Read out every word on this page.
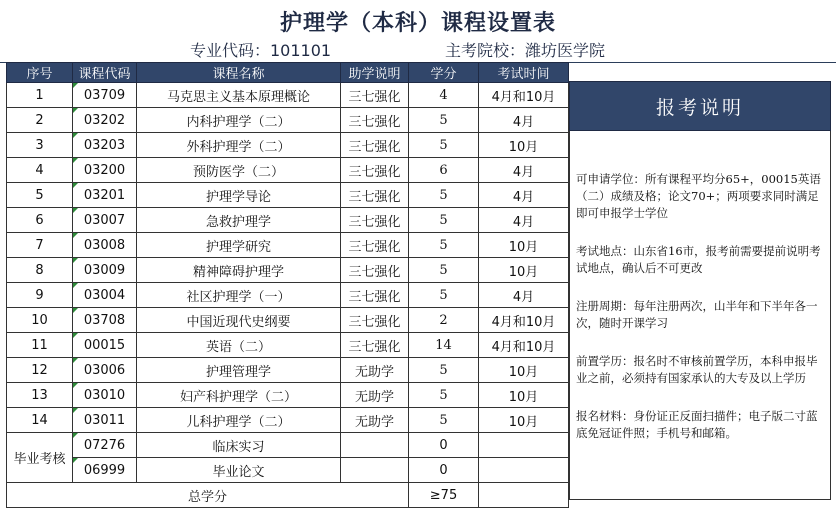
护理学（本科）课程设置表
专业代码：101101	主考院校：潍坊医学院
序号	课程代码	课程名称	助学说明	学分	考试时间
1	03709	马克思主义基本原理概论	三七强化	4	4月和10月
2	03202	内科护理学（二）	三七强化	5	4月
3	03203	外科护理学（二）	三七强化	5	10月
4	03200	预防医学（二）	三七强化	6	4月
5	03201	护理学导论	三七强化	5	4月
6	03007	急救护理学	三七强化	5	4月
7	03008	护理学研究	三七强化	5	10月
8	03009	精神障碍护理学	三七强化	5	10月
9	03004	社区护理学（一）	三七强化	5	4月
10	03708	中国近现代史纲要	三七强化	2	4月和10月
11	00015	英语（二）	三七强化	14	4月和10月
12	03006	护理管理学	无助学	5	10月
13	03010	妇产科护理学（二）	无助学	5	10月
14	03011	儿科护理学（二）	无助学	5	10月
毕业考核	07276	临床实习		0	
	06999	毕业论文		0	
总学分				≥75	
报考说明

可申请学位：所有课程平均分65+，00015英语（二）成绩及格；论文70+；两项要求同时满足即可申报学士学位

考试地点：山东省16市，报考前需要提前说明考试地点，确认后不可更改

注册周期：每年注册两次，山半年和下半年各一次，随时开课学习

前置学历：报名时不审核前置学历，本科申报毕业之前，必须持有国家承认的大专及以上学历

报名材料：身份证正反面扫描件；电子版二寸蓝底免冠证件照；手机号和邮箱。
